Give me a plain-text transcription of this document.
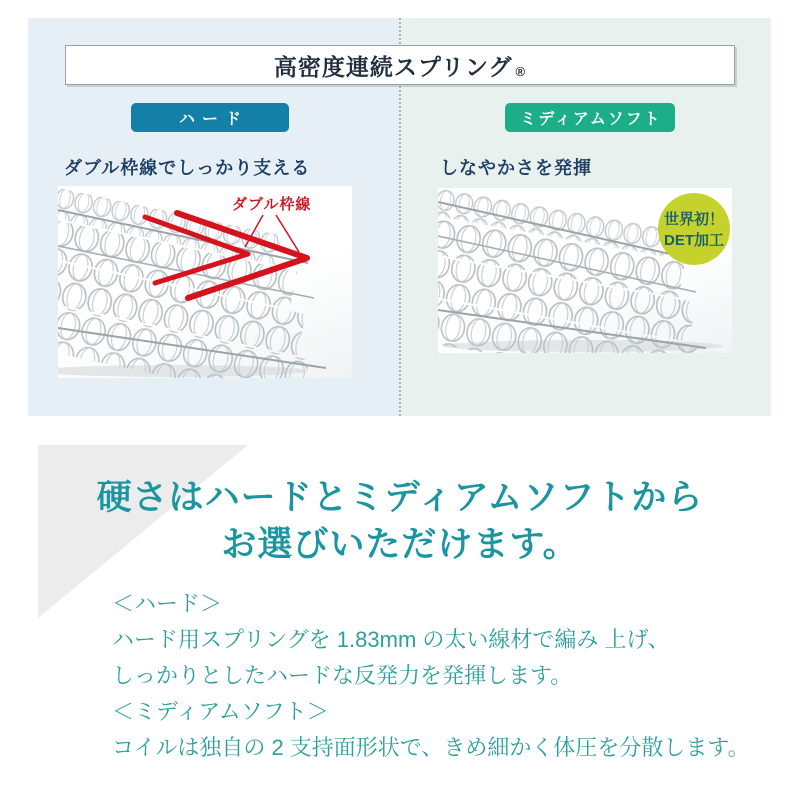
高密度連続スプリング ®
ハード	ミディアムソフト
ダブル枠線でしっかり支える	しなやかさを発揮
ダブル枠線
世界初！
DET加工
硬さはハードとミディアムソフトから
お選びいただけます。
＜ハード＞
ハード用スプリングを 1.83mm の太い線材で編み 上げ、
しっかりとしたハードな反発力を発揮します。
＜ミディアムソフト＞
コイルは独自の 2 支持面形状で、きめ細かく体圧を分散します。
